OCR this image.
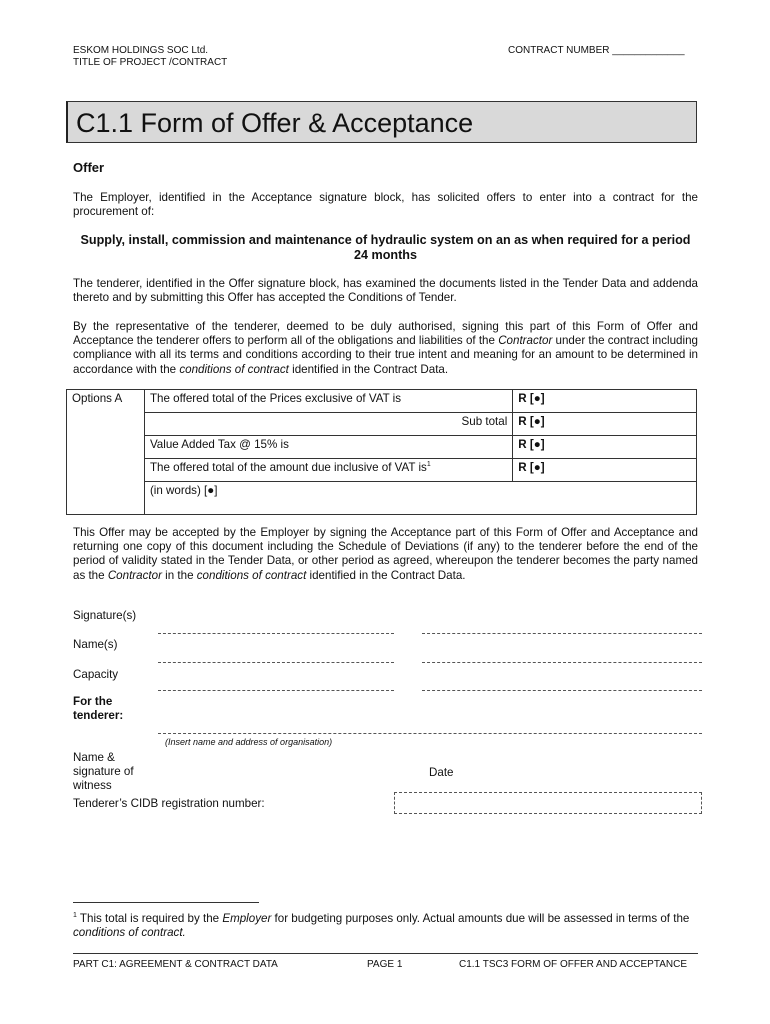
ESKOM HOLDINGS SOC Ltd.
TITLE OF PROJECT /CONTRACT
CONTRACT NUMBER _____________
C1.1 Form of Offer & Acceptance
Offer
The Employer, identified in the Acceptance signature block, has solicited offers to enter into a contract for the procurement of:
Supply, install, commission and maintenance of hydraulic system on an as when required for a period 24 months
The tenderer, identified in the Offer signature block, has examined the documents listed in the Tender Data and addenda thereto and by submitting this Offer has accepted the Conditions of Tender.
By the representative of the tenderer, deemed to be duly authorised, signing this part of this Form of Offer and Acceptance the tenderer offers to perform all of the obligations and liabilities of the Contractor under the contract including compliance with all its terms and conditions according to their true intent and meaning for an amount to be determined in accordance with the conditions of contract identified in the Contract Data.
Options A	The offered total of the Prices exclusive of VAT is	R [●]
	Sub total	R [●]
	Value Added Tax @ 15% is	R [●]
	The offered total of the amount due inclusive of VAT $is^1$	R [●]
	(in words) [●]	
This Offer may be accepted by the Employer by signing the Acceptance part of this Form of Offer and Acceptance and returning one copy of this document including the Schedule of Deviations (if any) to the tenderer before the end of the period of validity stated in the Tender Data, or other period as agreed, whereupon the tenderer becomes the party named as the Contractor in the conditions of contract identified in the Contract Data.
Signature(s)
Name(s)
Capacity
For the tenderer:
(Insert name and address of organisation)
Name & signature of witness
Date
Tenderer’s CIDB registration number:
$^1$ This total is required by the Employer for budgeting purposes only. Actual amounts due will be assessed in terms of the conditions of contract.
PART C1: AGREEMENT & CONTRACT DATA	PAGE 1	C1.1 TSC3 FORM OF OFFER AND ACCEPTANCE
